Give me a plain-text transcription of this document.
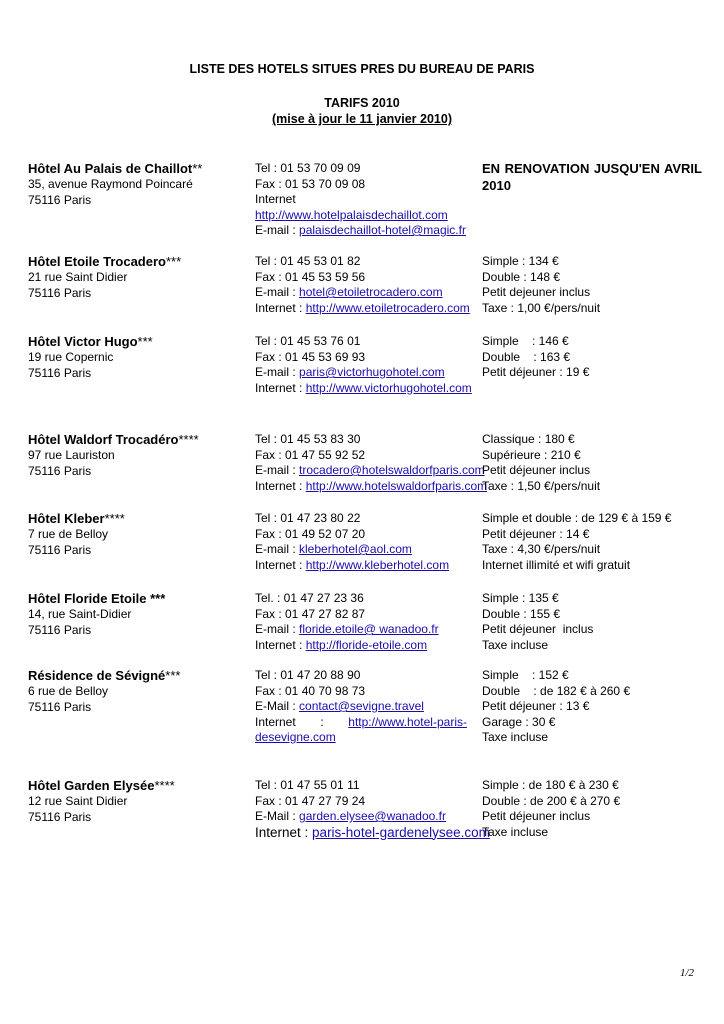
LISTE DES HOTELS SITUES PRES DU BUREAU DE PARIS
TARIFS 2010
(mise à jour le 11 janvier 2010)
Hôtel Au Palais de Chaillot**
35, avenue Raymond Poincaré
75116 Paris
Tel : 01 53 70 09 09
Fax : 01 53 70 09 08
Internet
http://www.hotelpalaisdechaillot.com
E-mail : palaisdechaillot-hotel@magic.fr
EN RENOVATION JUSQU'EN AVRIL 2010
Hôtel Etoile Trocadero***
21 rue Saint Didier
75116 Paris
Tel : 01 45 53 01 82
Fax : 01 45 53 59 56
E-mail : hotel@etoiletrocadero.com
Internet : http://www.etoiletrocadero.com
Simple : 134 €
Double : 148 €
Petit dejeuner inclus
Taxe : 1,00 €/pers/nuit
Hôtel Victor Hugo***
19 rue Copernic
75116 Paris
Tel : 01 45 53 76 01
Fax : 01 45 53 69 93
E-mail : paris@victorhugohotel.com
Internet : http://www.victorhugohotel.com
Simple    : 146 €
Double    : 163 €
Petit déjeuner : 19 €
Hôtel Waldorf Trocadéro****
97 rue Lauriston
75116 Paris
Tel : 01 45 53 83 30
Fax : 01 47 55 92 52
E-mail : trocadero@hotelswaldorfparis.com
Internet : http://www.hotelswaldorfparis.com
Classique : 180 €
Supérieure : 210 €
Petit déjeuner inclus
Taxe : 1,50 €/pers/nuit
Hôtel Kleber****
7 rue de Belloy
75116 Paris
Tel : 01 47 23 80 22
Fax : 01 49 52 07 20
E-mail : kleberhotel@aol.com
Internet : http://www.kleberhotel.com
Simple et double : de 129 € à 159 €
Petit déjeuner : 14 €
Taxe : 4,30 €/pers/nuit
Internet illimité et wifi gratuit
Hôtel Floride Etoile ***
14, rue Saint-Didier
75116 Paris
Tel. : 01 47 27 23 36
Fax : 01 47 27 82 87
E-mail : floride.etoile@ wanadoo.fr
Internet : http://floride-etoile.com
Simple : 135 €
Double : 155 €
Petit déjeuner  inclus
Taxe incluse
Résidence de Sévigné***
6 rue de Belloy
75116 Paris
Tel : 01 47 20 88 90
Fax : 01 40 70 98 73
E-Mail : contact@sevigne.travel
Internet : http://www.hotel-paris-
desevigne.com
Simple    : 152 €
Double    : de 182 € à 260 €
Petit déjeuner : 13 €
Garage : 30 €
Taxe incluse
Hôtel Garden Elysée****
12 rue Saint Didier
75116 Paris
Tel : 01 47 55 01 11
Fax : 01 47 27 79 24
E-Mail : garden.elysee@wanadoo.fr
Internet : paris-hotel-gardenelysee.com
Simple : de 180 € à 230 €
Double : de 200 € à 270 €
Petit déjeuner inclus
Taxe incluse
1/2
